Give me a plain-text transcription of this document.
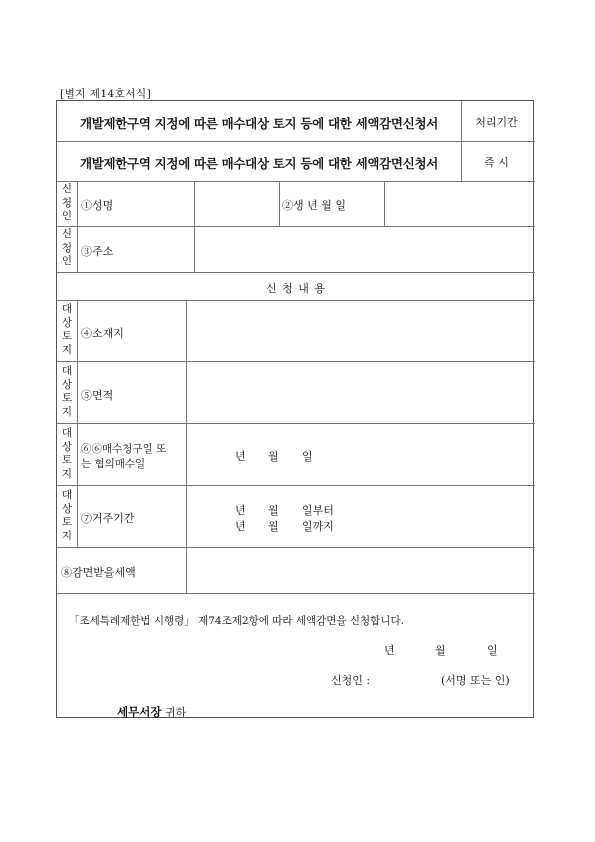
[별지 제14호서식]
개발제한구역 지정에 따른 매수대상 토지 등에 대한 세액감면신청서	처리기간
개발제한구역 지정에 따른 매수대상 토지 등에 대한 세액감면신청서	즉 시
신
청
인
①성명	②생 년 월 일
신
청
인
③주소
신 청 내 용
대
상
토
지
④소재지
대
상
토
지
⑤면적
대
상
토
지
⑥⑥매수청구일 또
는 협의매수일
년 월 일
대
상
토
지
⑦거주기간
년 월 일부터
년 월 일까지
⑧감면받을세액
「조세특례제한법 시행령」 제74조제2항에 따라 세액감면을 신청합니다.
년	월	일
신청인 :	(서명 또는 인)
세무서장 귀하
